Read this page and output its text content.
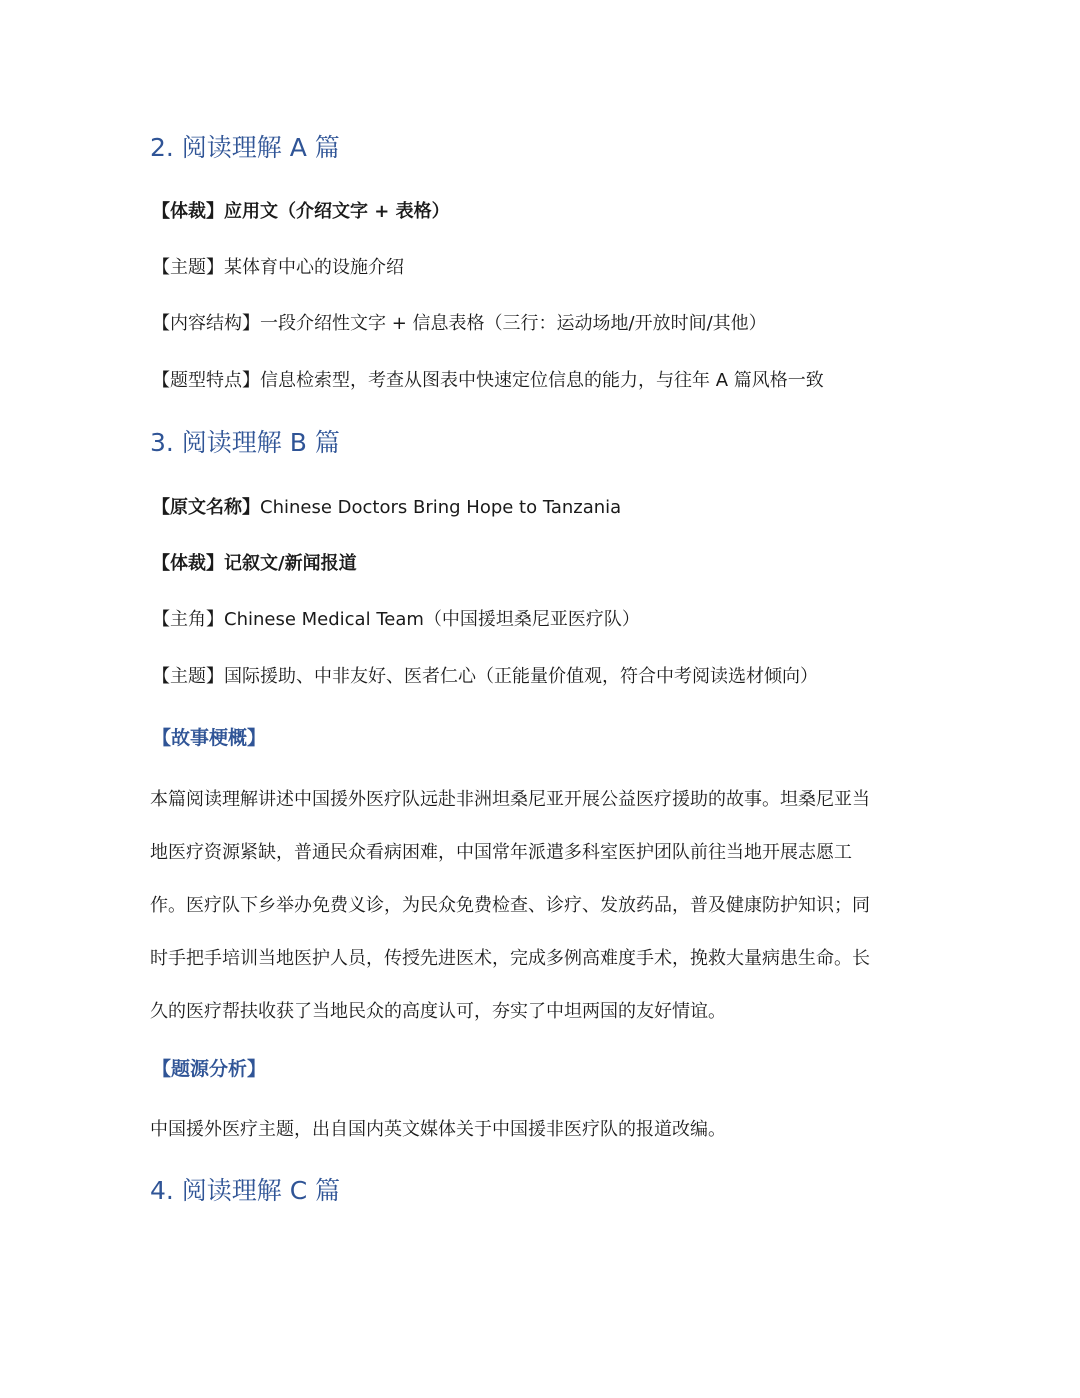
2. 阅读理解 A 篇

【体裁】应用文（介绍文字 + 表格）

【主题】某体育中心的设施介绍

【内容结构】一段介绍性文字 + 信息表格（三行：运动场地/开放时间/其他）

【题型特点】信息检索型，考查从图表中快速定位信息的能力，与往年 A 篇风格一致

3. 阅读理解 B 篇

【原文名称】Chinese Doctors Bring Hope to Tanzania

【体裁】记叙文/新闻报道

【主角】Chinese Medical Team（中国援坦桑尼亚医疗队）

【主题】国际援助、中非友好、医者仁心（正能量价值观，符合中考阅读选材倾向）

【故事梗概】

本篇阅读理解讲述中国援外医疗队远赴非洲坦桑尼亚开展公益医疗援助的故事。坦桑尼亚当

地医疗资源紧缺，普通民众看病困难，中国常年派遣多科室医护团队前往当地开展志愿工

作。医疗队下乡举办免费义诊，为民众免费检查、诊疗、发放药品，普及健康防护知识；同

时手把手培训当地医护人员，传授先进医术，完成多例高难度手术，挽救大量病患生命。长

久的医疗帮扶收获了当地民众的高度认可，夯实了中坦两国的友好情谊。

【题源分析】

中国援外医疗主题，出自国内英文媒体关于中国援非医疗队的报道改编。

4. 阅读理解 C 篇
